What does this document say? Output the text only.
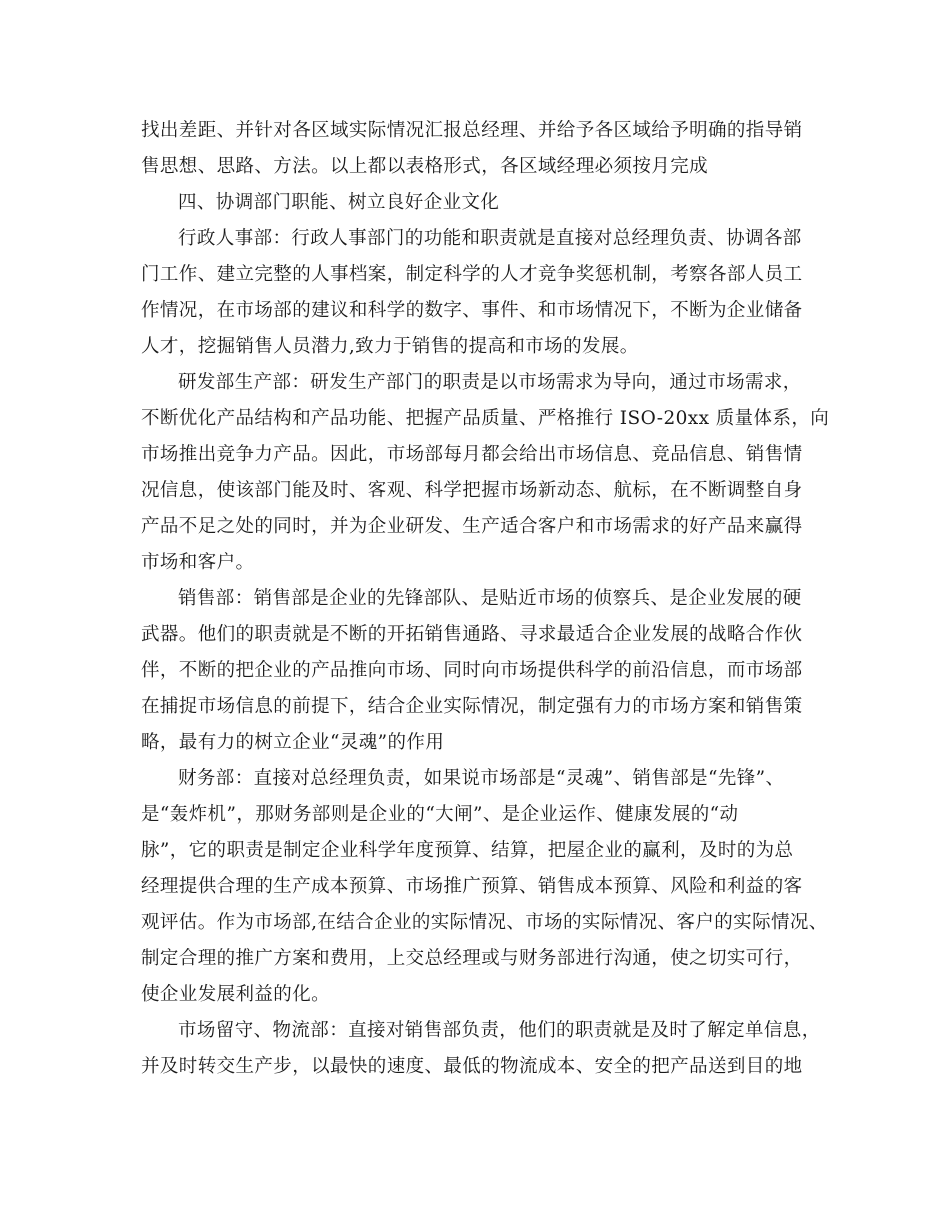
找出差距、并针对各区域实际情况汇报总经理、并给予各区域给予明确的指导销
售思想、思路、方法。以上都以表格形式，各区域经理必须按月完成
四、协调部门职能、树立良好企业文化
行政人事部：行政人事部门的功能和职责就是直接对总经理负责、协调各部
门工作、建立完整的人事档案，制定科学的人才竞争奖惩机制，考察各部人员工
作情况，在市场部的建议和科学的数字、事件、和市场情况下，不断为企业储备
人才，挖掘销售人员潜力,致力于销售的提高和市场的发展。
研发部生产部：研发生产部门的职责是以市场需求为导向，通过市场需求，
不断优化产品结构和产品功能、把握产品质量、严格推行 ISO-20xx 质量体系，向
市场推出竞争力产品。因此，市场部每月都会给出市场信息、竞品信息、销售情
况信息，使该部门能及时、客观、科学把握市场新动态、航标，在不断调整自身
产品不足之处的同时，并为企业研发、生产适合客户和市场需求的好产品来赢得
市场和客户。
销售部：销售部是企业的先锋部队、是贴近市场的侦察兵、是企业发展的硬
武器。他们的职责就是不断的开拓销售通路、寻求最适合企业发展的战略合作伙
伴，不断的把企业的产品推向市场、同时向市场提供科学的前沿信息，而市场部
在捕捉市场信息的前提下，结合企业实际情况，制定强有力的市场方案和销售策
略，最有力的树立企业“灵魂”的作用
财务部：直接对总经理负责，如果说市场部是“灵魂”、销售部是“先锋”、
是“轰炸机”，那财务部则是企业的“大闸”、是企业运作、健康发展的“动
脉”，它的职责是制定企业科学年度预算、结算，把屋企业的赢利，及时的为总
经理提供合理的生产成本预算、市场推广预算、销售成本预算、风险和利益的客
观评估。作为市场部,在结合企业的实际情况、市场的实际情况、客户的实际情况、
制定合理的推广方案和费用，上交总经理或与财务部进行沟通，使之切实可行，
使企业发展利益的化。
市场留守、物流部：直接对销售部负责，他们的职责就是及时了解定单信息，
并及时转交生产步，以最快的速度、最低的物流成本、安全的把产品送到目的地
